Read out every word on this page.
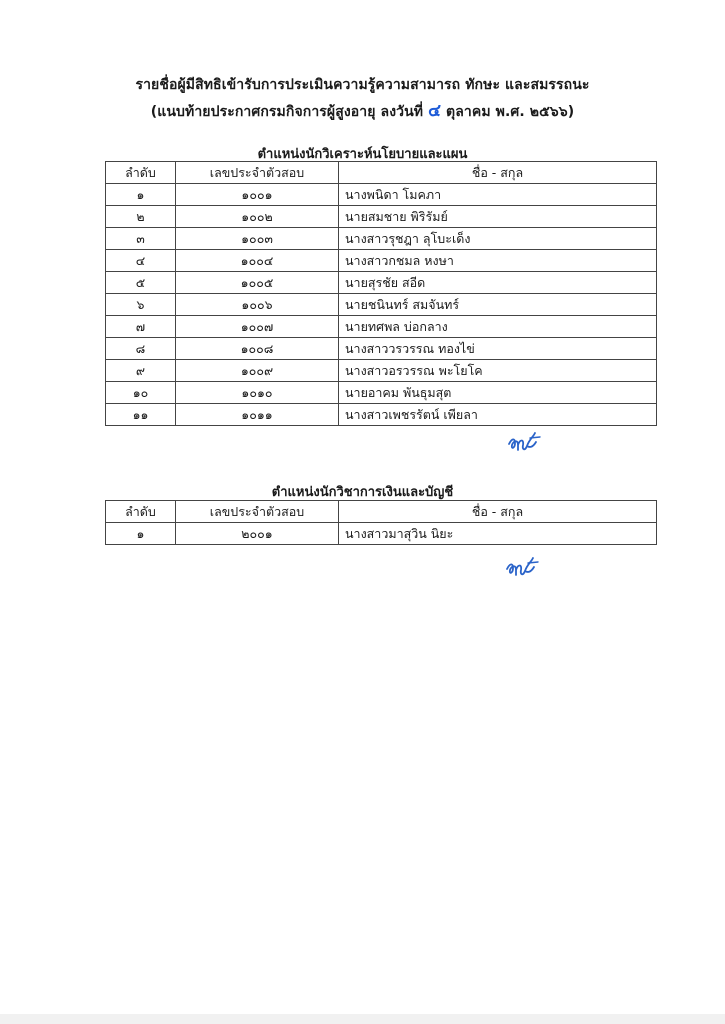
รายชื่อผู้มีสิทธิเข้ารับการประเมินความรู้ความสามารถ ทักษะ และสมรรถนะ
(แนบท้ายประกาศกรมกิจการผู้สูงอายุ ลงวันที่ ๔ ตุลาคม พ.ศ. ๒๕๖๖)
ตำแหน่งนักวิเคราะห์นโยบายและแผน
ลำดับ	เลขประจำตัวสอบ	ชื่อ - สกุล
๑	๑๐๐๑	นางพนิดา โมคภา
๒	๑๐๐๒	นายสมชาย พิริรัมย์
๓	๑๐๐๓	นางสาวรุชฎา ลุโบะเด็ง
๔	๑๐๐๔	นางสาวกชมล หงษา
๕	๑๐๐๕	นายสุรชัย สอีด
๖	๑๐๐๖	นายชนินทร์ สมจันทร์
๗	๑๐๐๗	นายทศพล บ่อกลาง
๘	๑๐๐๘	นางสาววรวรรณ ทองไข่
๙	๑๐๐๙	นางสาวอรวรรณ พะโยโค
๑๐	๑๐๑๐	นายอาคม พันธุมสุต
๑๑	๑๐๑๑	นางสาวเพชรรัตน์ เพียลา
ตำแหน่งนักวิชาการเงินและบัญชี
ลำดับ	เลขประจำตัวสอบ	ชื่อ - สกุล
๑	๒๐๐๑	นางสาวมาสุวิน นิยะ
